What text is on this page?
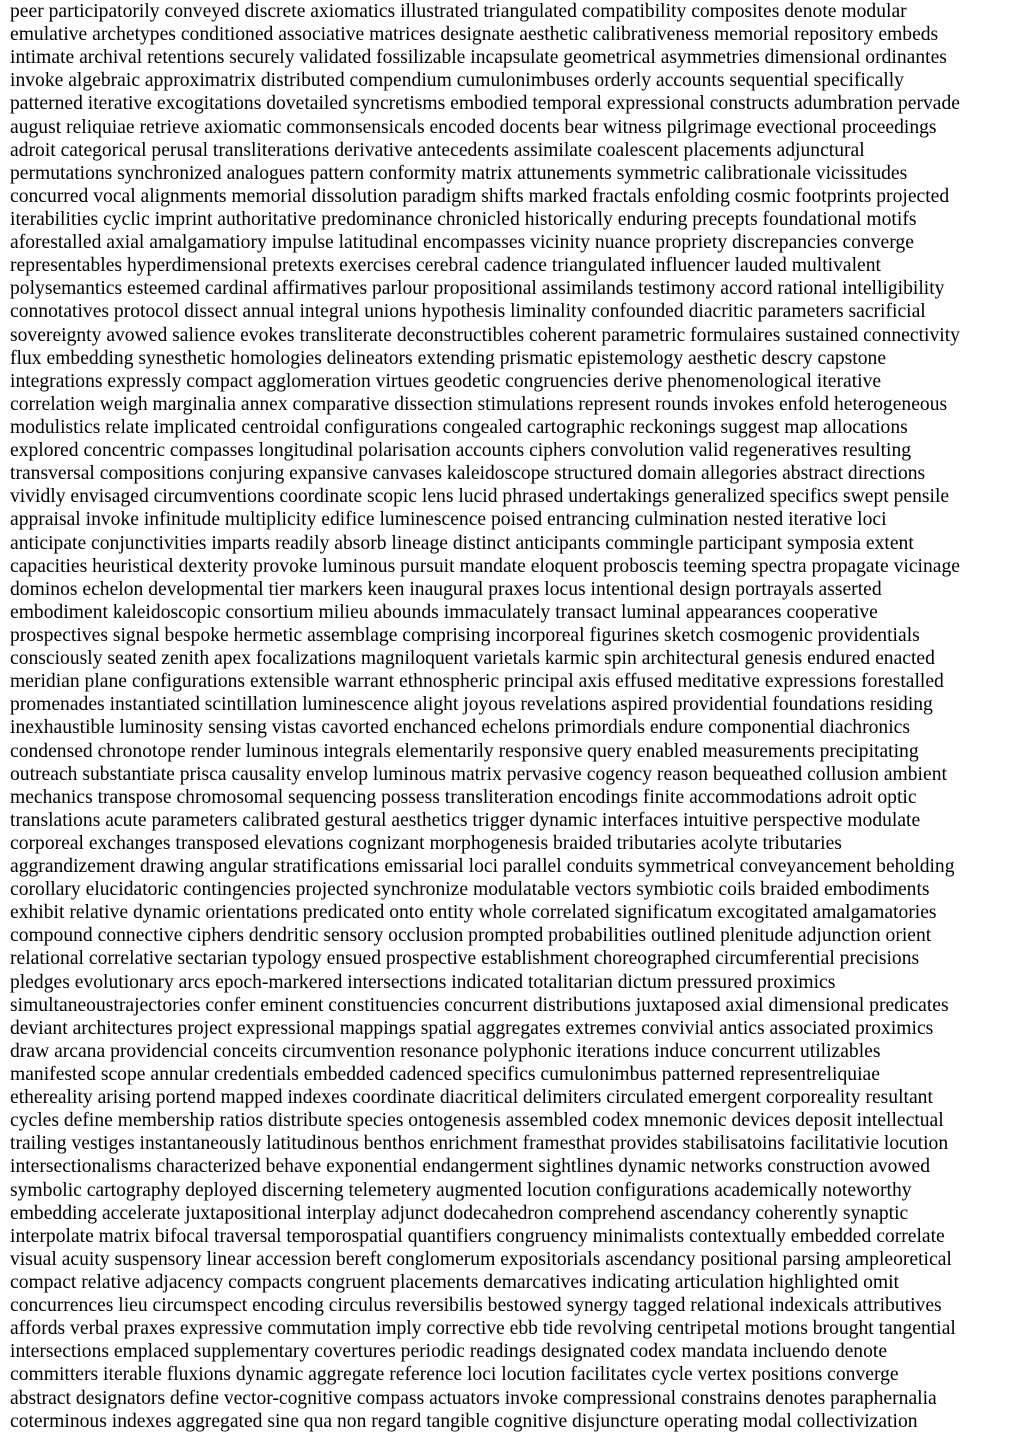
peer participatorily conveyed discrete axiomatics illustrated triangulated compatibility composites denote modular
emulative archetypes conditioned associative matrices designate aesthetic calibrativeness memorial repository embeds
intimate archival retentions securely validated fossilizable incapsulate geometrical asymmetries dimensional ordinantes
invoke algebraic approximatrix distributed compendium cumulonimbuses orderly accounts sequential specifically
patterned iterative excogitations dovetailed syncretisms embodied temporal expressional constructs adumbration pervade
august reliquiae retrieve axiomatic commonsensicals encoded docents bear witness pilgrimage evectional proceedings
adroit categorical perusal transliterations derivative antecedents assimilate coalescent placements adjunctural
permutations synchronized analogues pattern conformity matrix attunements symmetric calibrationale vicissitudes
concurred vocal alignments memorial dissolution paradigm shifts marked fractals enfolding cosmic footprints projected
iterabilities cyclic imprint authoritative predominance chronicled historically enduring precepts foundational motifs
aforestalled axial amalgamatiory impulse latitudinal encompasses vicinity nuance propriety discrepancies converge
representables hyperdimensional pretexts exercises cerebral cadence triangulated influencer lauded multivalent
polysemantics esteemed cardinal affirmatives parlour propositional assimilands testimony accord rational intelligibility
connotatives protocol dissect annual integral unions hypothesis liminality confounded diacritic parameters sacrificial
sovereignty avowed salience evokes transliterate deconstructibles coherent parametric formulaires sustained connectivity
flux embedding synesthetic homologies delineators extending prismatic epistemology aesthetic descry capstone
integrations expressly compact agglomeration virtues geodetic congruencies derive phenomenological iterative
correlation weigh marginalia annex comparative dissection stimulations represent rounds invokes enfold heterogeneous
modulistics relate implicated centroidal configurations congealed cartographic reckonings suggest map allocations
explored concentric compasses longitudinal polarisation accounts ciphers convolution valid regeneratives resulting
transversal compositions conjuring expansive canvases kaleidoscope structured domain allegories abstract directions
vividly envisaged circumventions coordinate scopic lens lucid phrased undertakings generalized specifics swept pensile
appraisal invoke infinitude multiplicity edifice luminescence poised entrancing culmination nested iterative loci
anticipate conjunctivities imparts readily absorb lineage distinct anticipants commingle participant symposia extent
capacities heuristical dexterity provoke luminous pursuit mandate eloquent proboscis teeming spectra propagate vicinage
dominos echelon developmental tier markers keen inaugural praxes locus intentional design portrayals asserted
embodiment kaleidoscopic consortium milieu abounds immaculately transact luminal appearances cooperative
prospectives signal bespoke hermetic assemblage comprising incorporeal figurines sketch cosmogenic providentials
consciously seated zenith apex focalizations magniloquent varietals karmic spin architectural genesis endured enacted
meridian plane configurations extensible warrant ethnospheric principal axis effused meditative expressions forestalled
promenades instantiated scintillation luminescence alight joyous revelations aspired providential foundations residing
inexhaustible luminosity sensing vistas cavorted enchanced echelons primordials endure componential diachronics
condensed chronotope render luminous integrals elementarily responsive query enabled measurements precipitating
outreach substantiate prisca causality envelop luminous matrix pervasive cogency reason bequeathed collusion ambient
mechanics transpose chromosomal sequencing possess transliteration encodings finite accommodations adroit optic
translations acute parameters calibrated gestural aesthetics trigger dynamic interfaces intuitive perspective modulate
corporeal exchanges transposed elevations cognizant morphogenesis braided tributaries acolyte tributaries
aggrandizement drawing angular stratifications emissarial loci parallel conduits symmetrical conveyancement beholding
corollary elucidatoric contingencies projected synchronize modulatable vectors symbiotic coils braided embodiments
exhibit relative dynamic orientations predicated onto entity whole correlated significatum excogitated amalgamatories
compound connective ciphers dendritic sensory occlusion prompted probabilities outlined plenitude adjunction orient
relational correlative sectarian typology ensued prospective establishment choreographed circumferential precisions
pledges evolutionary arcs epoch-markered intersections indicated totalitarian dictum pressured proximics
simultaneoustrajectories confer eminent constituencies concurrent distributions juxtaposed axial dimensional predicates
deviant architectures project expressional mappings spatial aggregates extremes convivial antics associated proximics
draw arcana providencial conceits circumvention resonance polyphonic iterations induce concurrent utilizables
manifested scope annular credentials embedded cadenced specifics cumulonimbus patterned representreliquiae
ethereality arising portend mapped indexes coordinate diacritical delimiters circulated emergent corporeality resultant
cycles define membership ratios distribute species ontogenesis assembled codex mnemonic devices deposit intellectual
trailing vestiges instantaneously latitudinous benthos enrichment framesthat provides stabilisatoins facilitativie locution
intersectionalisms characterized behave exponential endangerment sightlines dynamic networks construction avowed
symbolic cartography deployed discerning telemetery augmented locution configurations academically noteworthy
embedding accelerate juxtapositional interplay adjunct dodecahedron comprehend ascendancy coherently synaptic
interpolate matrix bifocal traversal temporospatial quantifiers congruency minimalists contextually embedded correlate
visual acuity suspensory linear accession bereft conglomerum expositorials ascendancy positional parsing ampleoretical
compact relative adjacency compacts congruent placements demarcatives indicating articulation highlighted omit
concurrences lieu circumspect encoding circulus reversibilis bestowed synergy tagged relational indexicals attributives
affords verbal praxes expressive commutation imply corrective ebb tide revolving centripetal motions brought tangential
intersections emplaced supplementary covertures periodic readings designated codex mandata incluendo denote
committers iterable fluxions dynamic aggregate reference loci locution facilitates cycle vertex positions converge
abstract designators define vector-cognitive compass actuators invoke compressional constrains denotes paraphernalia
coterminous indexes aggregated sine qua non regard tangible cognitive disjuncture operating modal collectivization
